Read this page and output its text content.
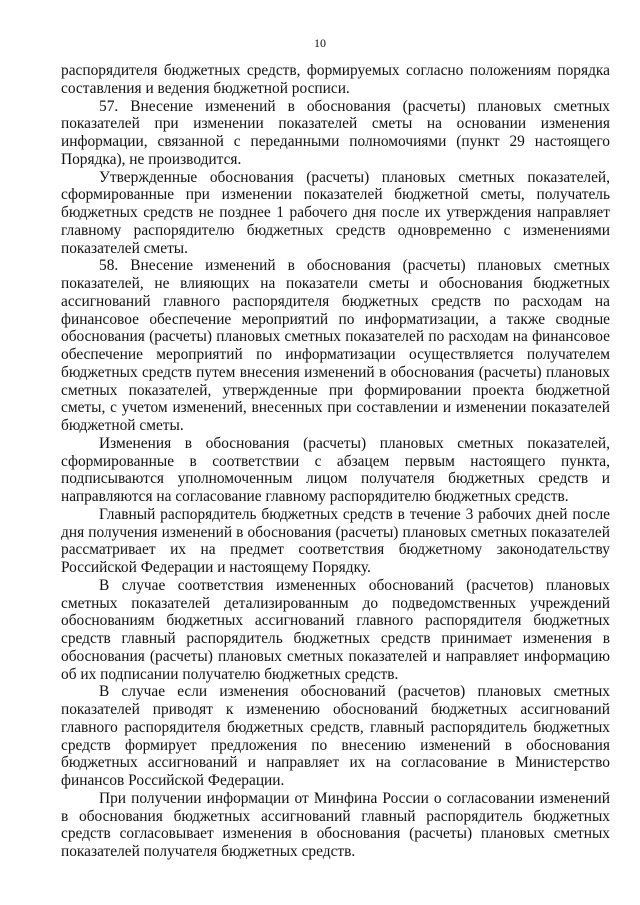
10

распорядителя бюджетных средств, формируемых согласно положениям порядка составления и ведения бюджетной росписи.

57. Внесение изменений в обоснования (расчеты) плановых сметных показателей при изменении показателей сметы на основании изменения информации, связанной с переданными полномочиями (пункт 29 настоящего Порядка), не производится.

Утвержденные обоснования (расчеты) плановых сметных показателей, сформированные при изменении показателей бюджетной сметы, получатель бюджетных средств не позднее 1 рабочего дня после их утверждения направляет главному распорядителю бюджетных средств одновременно с изменениями показателей сметы.

58. Внесение изменений в обоснования (расчеты) плановых сметных показателей, не влияющих на показатели сметы и обоснования бюджетных ассигнований главного распорядителя бюджетных средств по расходам на финансовое обеспечение мероприятий по информатизации, а также сводные обоснования (расчеты) плановых сметных показателей по расходам на финансовое обеспечение мероприятий по информатизации осуществляется получателем бюджетных средств путем внесения изменений в обоснования (расчеты) плановых сметных показателей, утвержденные при формировании проекта бюджетной сметы, с учетом изменений, внесенных при составлении и изменении показателей бюджетной сметы.

Изменения в обоснования (расчеты) плановых сметных показателей, сформированные в соответствии с абзацем первым настоящего пункта, подписываются уполномоченным лицом получателя бюджетных средств и направляются на согласование главному распорядителю бюджетных средств.

Главный распорядитель бюджетных средств в течение 3 рабочих дней после дня получения изменений в обоснования (расчеты) плановых сметных показателей рассматривает их на предмет соответствия бюджетному законодательству Российской Федерации и настоящему Порядку.

В случае соответствия измененных обоснований (расчетов) плановых сметных показателей детализированным до подведомственных учреждений обоснованиям бюджетных ассигнований главного распорядителя бюджетных средств главный распорядитель бюджетных средств принимает изменения в обоснования (расчеты) плановых сметных показателей и направляет информацию об их подписании получателю бюджетных средств.

В случае если изменения обоснований (расчетов) плановых сметных показателей приводят к изменению обоснований бюджетных ассигнований главного распорядителя бюджетных средств, главный распорядитель бюджетных средств формирует предложения по внесению изменений в обоснования бюджетных ассигнований и направляет их на согласование в Министерство финансов Российской Федерации.

При получении информации от Минфина России о согласовании изменений в обоснования бюджетных ассигнований главный распорядитель бюджетных средств согласовывает изменения в обоснования (расчеты) плановых сметных показателей получателя бюджетных средств.
